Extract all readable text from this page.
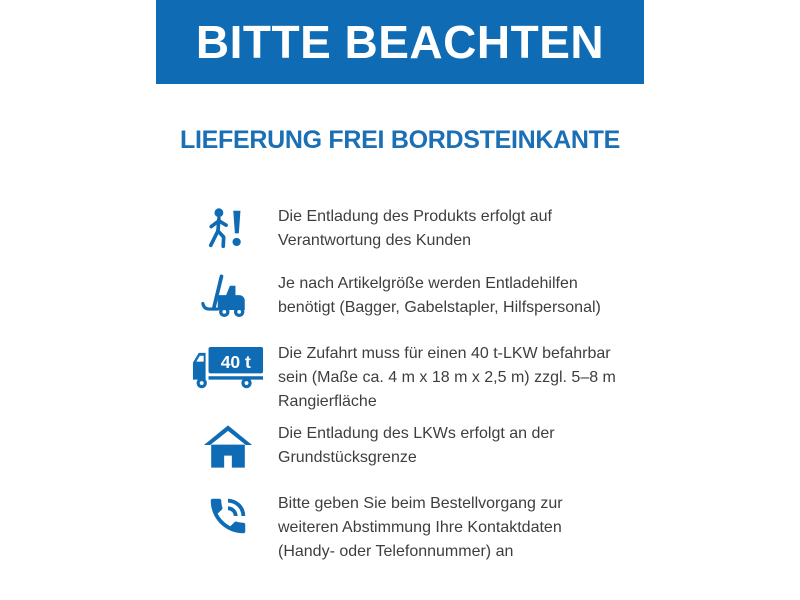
BITTE BEACHTEN
LIEFERUNG FREI BORDSTEINKANTE
Die Entladung des Produkts erfolgt auf
Verantwortung des Kunden
Je nach Artikelgröße werden Entladehilfen
benötigt (Bagger, Gabelstapler, Hilfspersonal)
40 t Die Zufahrt muss für einen 40 t-LKW befahrbar
sein (Maße ca. 4 m x 18 m x 2,5 m) zzgl. 5–8 m
Rangierfläche
Die Entladung des LKWs erfolgt an der
Grundstücksgrenze
Bitte geben Sie beim Bestellvorgang zur
weiteren Abstimmung Ihre Kontaktdaten
(Handy- oder Telefonnummer) an
